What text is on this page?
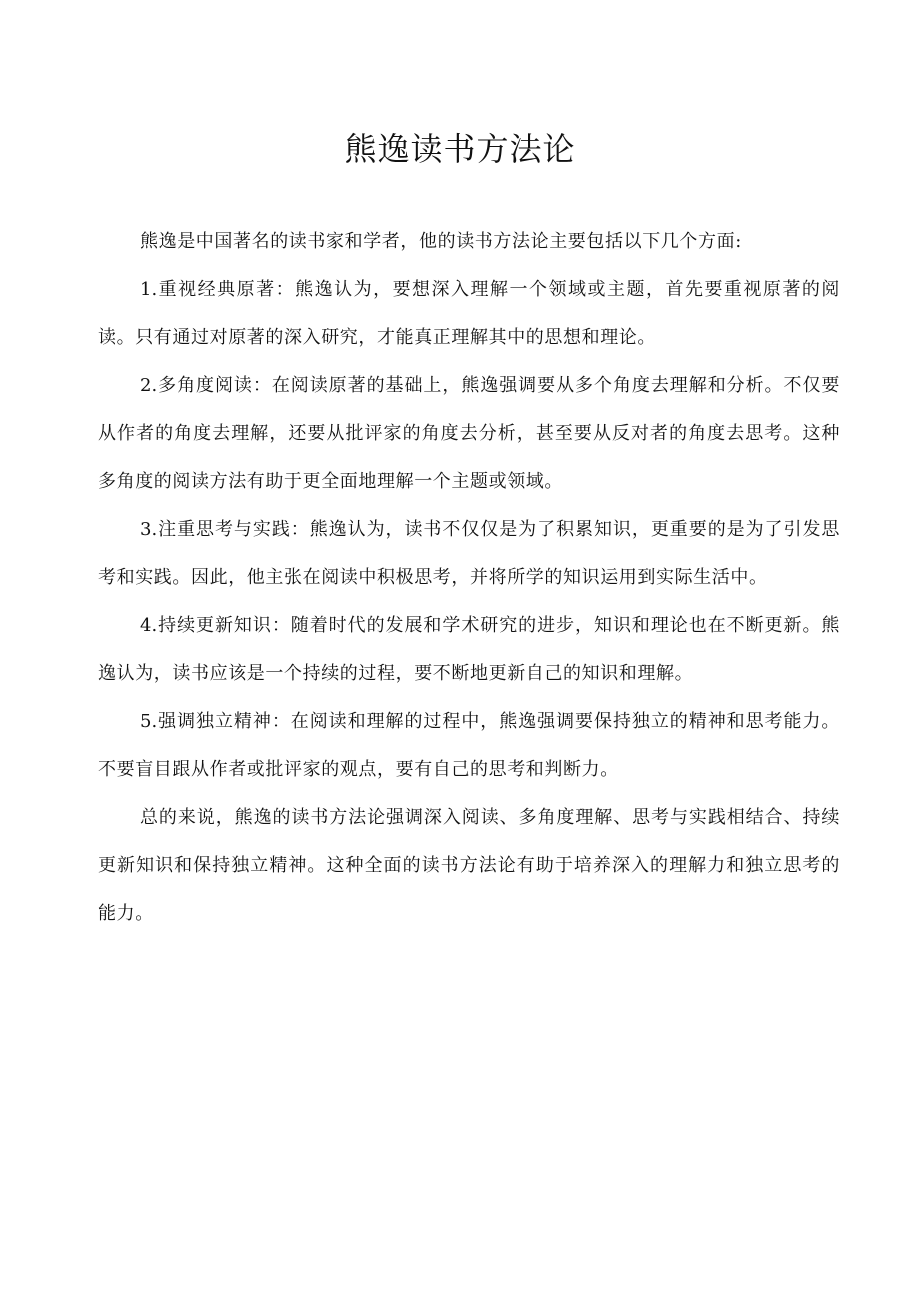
熊逸读书方法论

熊逸是中国著名的读书家和学者，他的读书方法论主要包括以下几个方面:

1.重视经典原著：熊逸认为，要想深入理解一个领域或主题，首先要重视原著的阅读。只有通过对原著的深入研究，才能真正理解其中的思想和理论。

2.多角度阅读：在阅读原著的基础上，熊逸强调要从多个角度去理解和分析。不仅要从作者的角度去理解，还要从批评家的角度去分析，甚至要从反对者的角度去思考。这种多角度的阅读方法有助于更全面地理解一个主题或领域。

3.注重思考与实践：熊逸认为，读书不仅仅是为了积累知识，更重要的是为了引发思考和实践。因此，他主张在阅读中积极思考，并将所学的知识运用到实际生活中。

4.持续更新知识：随着时代的发展和学术研究的进步，知识和理论也在不断更新。熊逸认为，读书应该是一个持续的过程，要不断地更新自己的知识和理解。

5.强调独立精神：在阅读和理解的过程中，熊逸强调要保持独立的精神和思考能力。不要盲目跟从作者或批评家的观点，要有自己的思考和判断力。

总的来说，熊逸的读书方法论强调深入阅读、多角度理解、思考与实践相结合、持续更新知识和保持独立精神。这种全面的读书方法论有助于培养深入的理解力和独立思考的能力。
